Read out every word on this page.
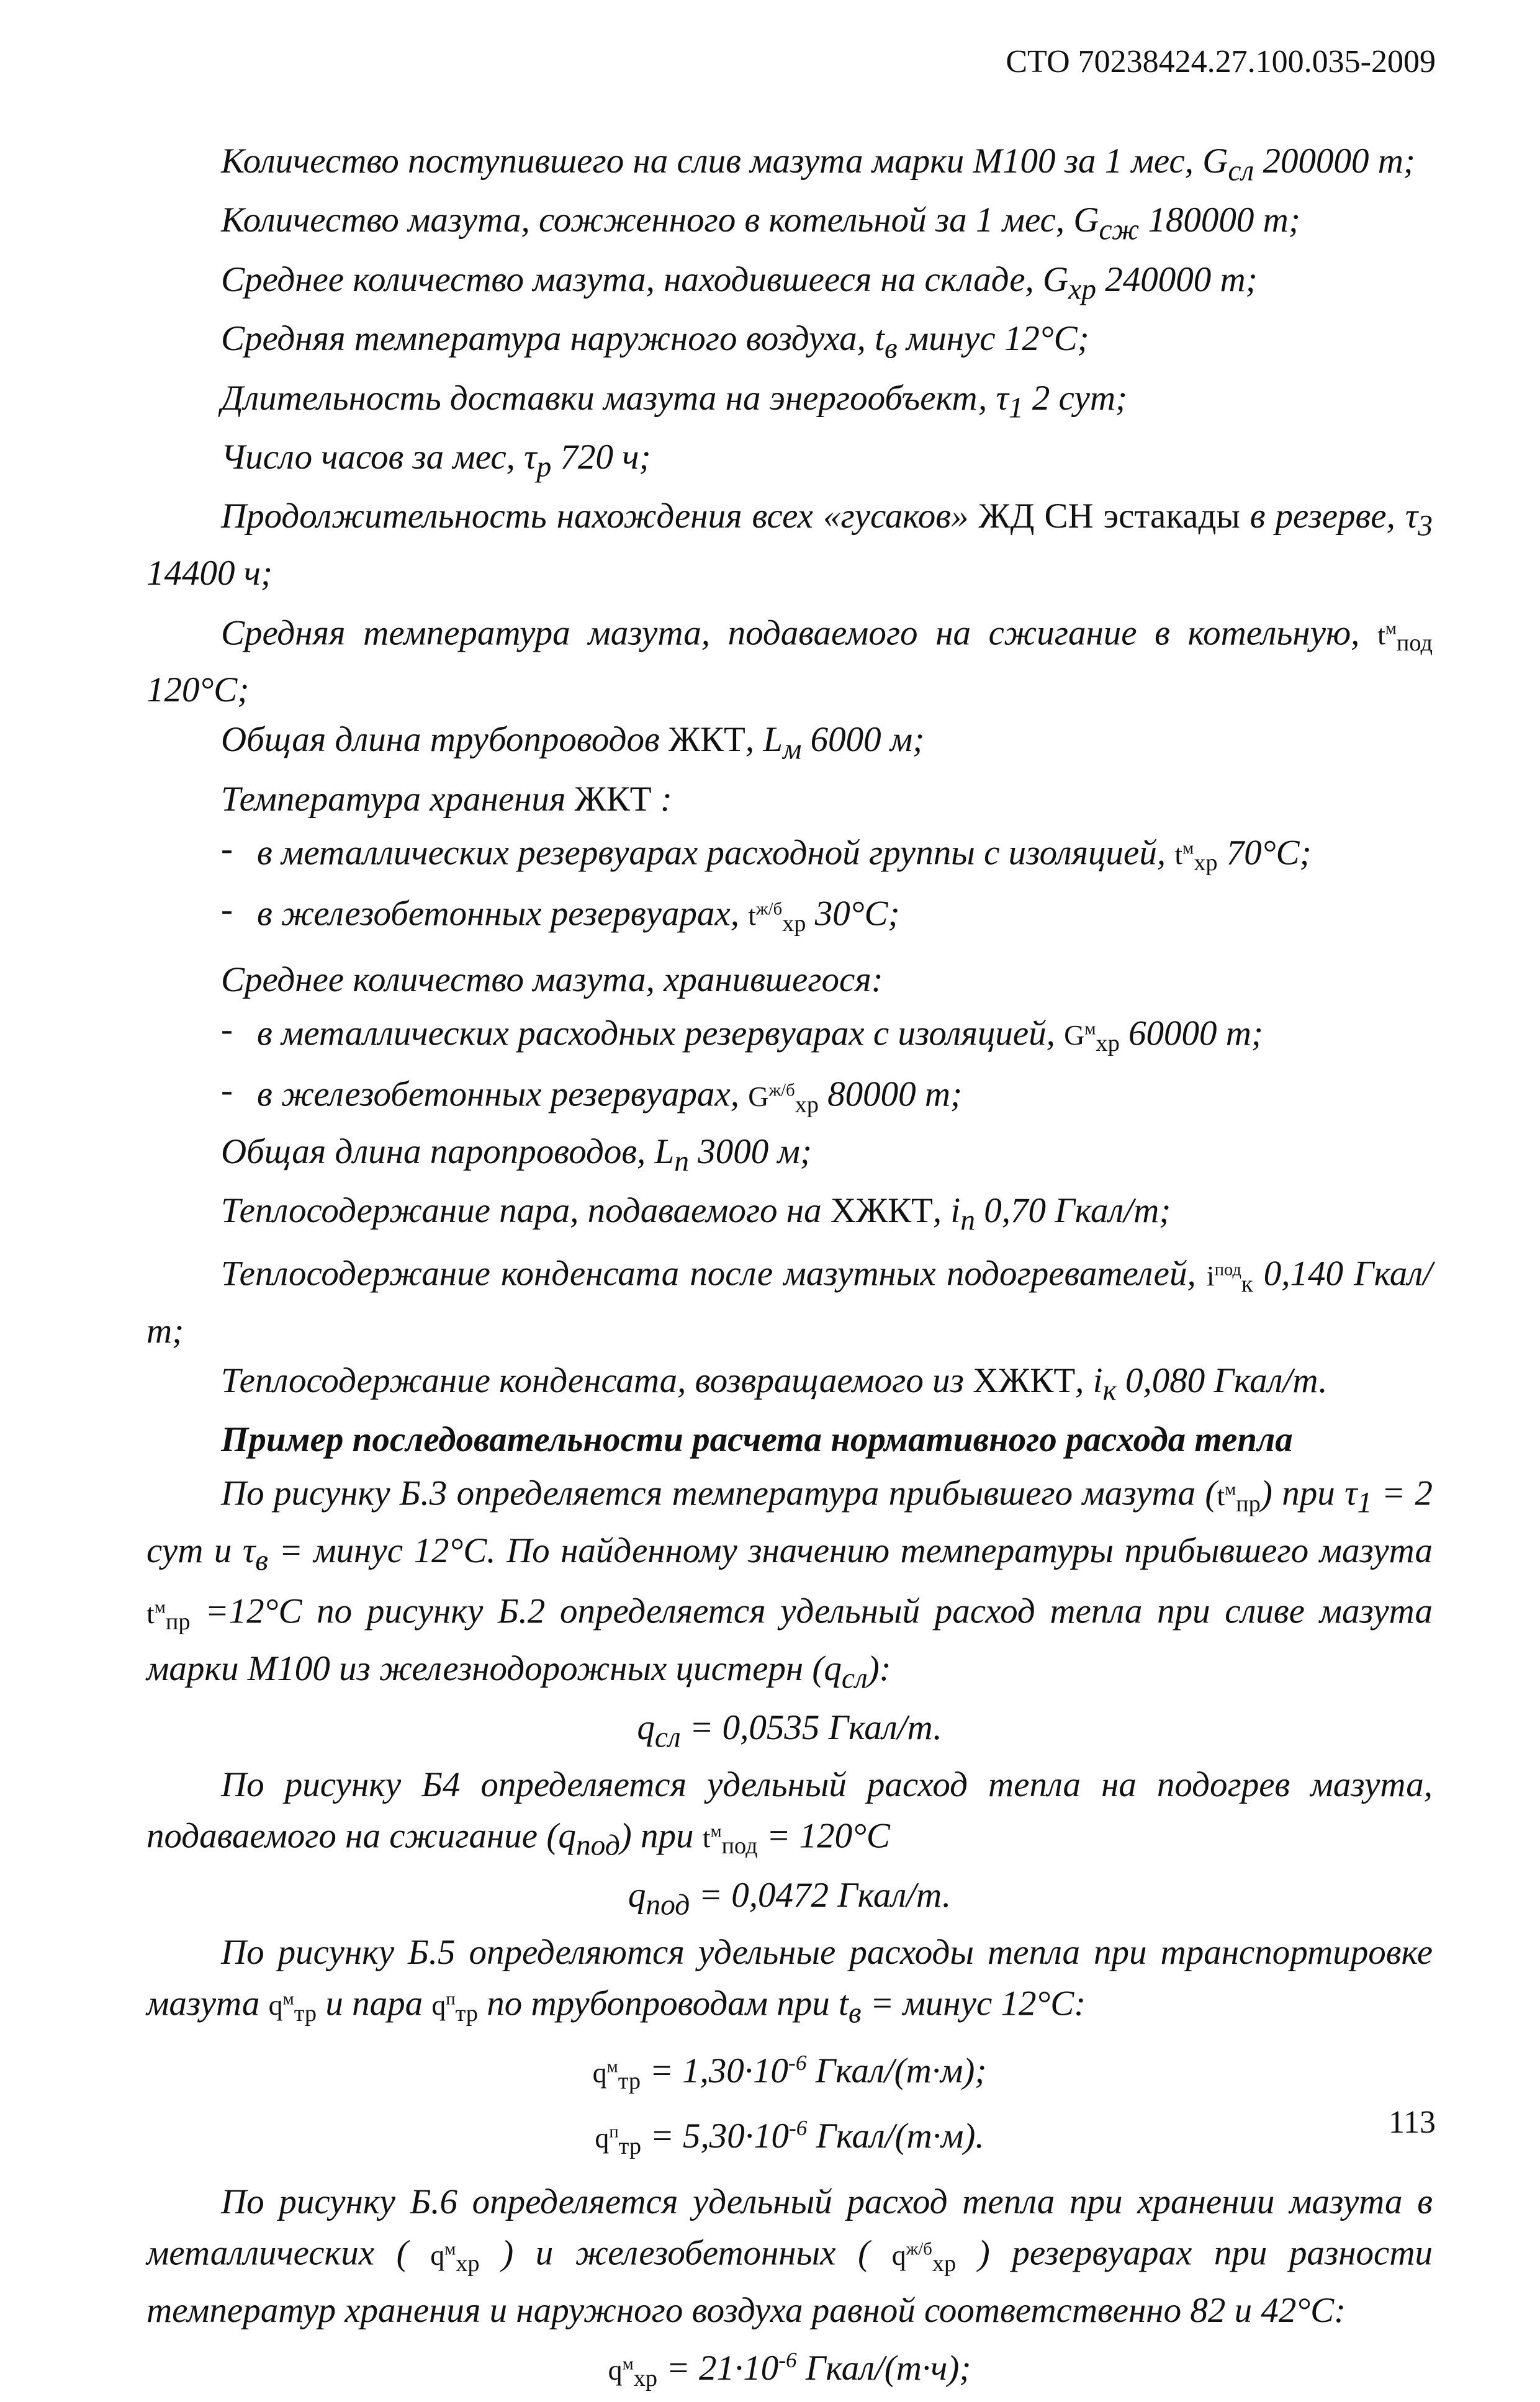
СТО 70238424.27.100.035-2009

Количество поступившего на слив мазута марки М100 за 1 мес, $G_{сл}$ 200000 т;

Количество мазута, сожженного в котельной за 1 мес, $G_{сж}$ 180000 т;

Среднее количество мазута, находившееся на складе, $G_{хр}$ 240000 т;

Средняя температура наружного воздуха, $t_в$ минус 12°С;

Длительность доставки мазута на энергообъект, $\tau_1$ 2 сут;

Число часов за мес, $\tau_р$ 720 ч;

Продолжительность нахождения всех «гусаков» ЖД СН эстакады в резерве, $\tau_3$ 14400 ч;

Средняя температура мазута, подаваемого на сжигание в котельную, $t^м_{под}$ 120°С;

Общая длина трубопроводов ЖКТ, $L_м$ 6000 м;

Температура хранения ЖКТ :

- в металлических резервуарах расходной группы с изоляцией, $t^м_{хр}$ 70°С;

- в железобетонных резервуарах, $t^{ж/б}_{хр}$ 30°С;

Среднее количество мазута, хранившегося:

- в металлических расходных резервуарах с изоляцией, $G^м_{хр}$ 60000 т;

- в железобетонных резервуарах, $G^{ж/б}_{хр}$ 80000 т;

Общая длина паропроводов, $L_п$ 3000 м;

Теплосодержание пара, подаваемого на ХЖКТ, $i_п$ 0,70 Гкал/т;

Теплосодержание конденсата после мазутных подогревателей, $i^{под}_к$ 0,140 Гкал/т;

Теплосодержание конденсата, возвращаемого из ХЖКТ, $i_к$ 0,080 Гкал/т.

Пример последовательности расчета нормативного расхода тепла

По рисунку Б.3 определяется температура прибывшего мазута $(t^м_{пр})$ при $\tau_1 = 2$ сут и $\tau_в$ = минус 12°С. По найденному значению температуры прибывшего мазута $t^м_{пр} =12^\circ С$ по рисунку Б.2 определяется удельный расход тепла при сливе мазута марки М100 из железнодорожных цистерн $(q_{сл})$:

$q_{сл} = 0,0535$ Гкал/т.

По рисунку Б4 определяется удельный расход тепла на подогрев мазута, подаваемого на сжигание $(q_{под})$ при $t^м_{под} = 120^\circ С$

$q_{под} = 0,0472$ Гкал/т.

По рисунку Б.5 определяются удельные расходы тепла при транспортировке мазута $q^м_{тр}$ и пара $q^п_{тр}$ по трубопроводам при $t_в$ = минус 12°С:

$q^м_{тр} = 1,30\cdot 10^{-6}$ Гкал/(т·м);

$q^п_{тр} = 5,30\cdot 10^{-6}$ Гкал/(т·м).

По рисунку Б.6 определяется удельный расход тепла при хранении мазута в металлических ( $q^м_{хр}$ ) и железобетонных ( $q^{ж/б}_{хр}$ ) резервуарах при разности температур хранения и наружного воздуха равной соответственно 82 и 42°С:

$q^м_{хр} = 21\cdot 10^{-6}$ Гкал/(т·ч);

113
